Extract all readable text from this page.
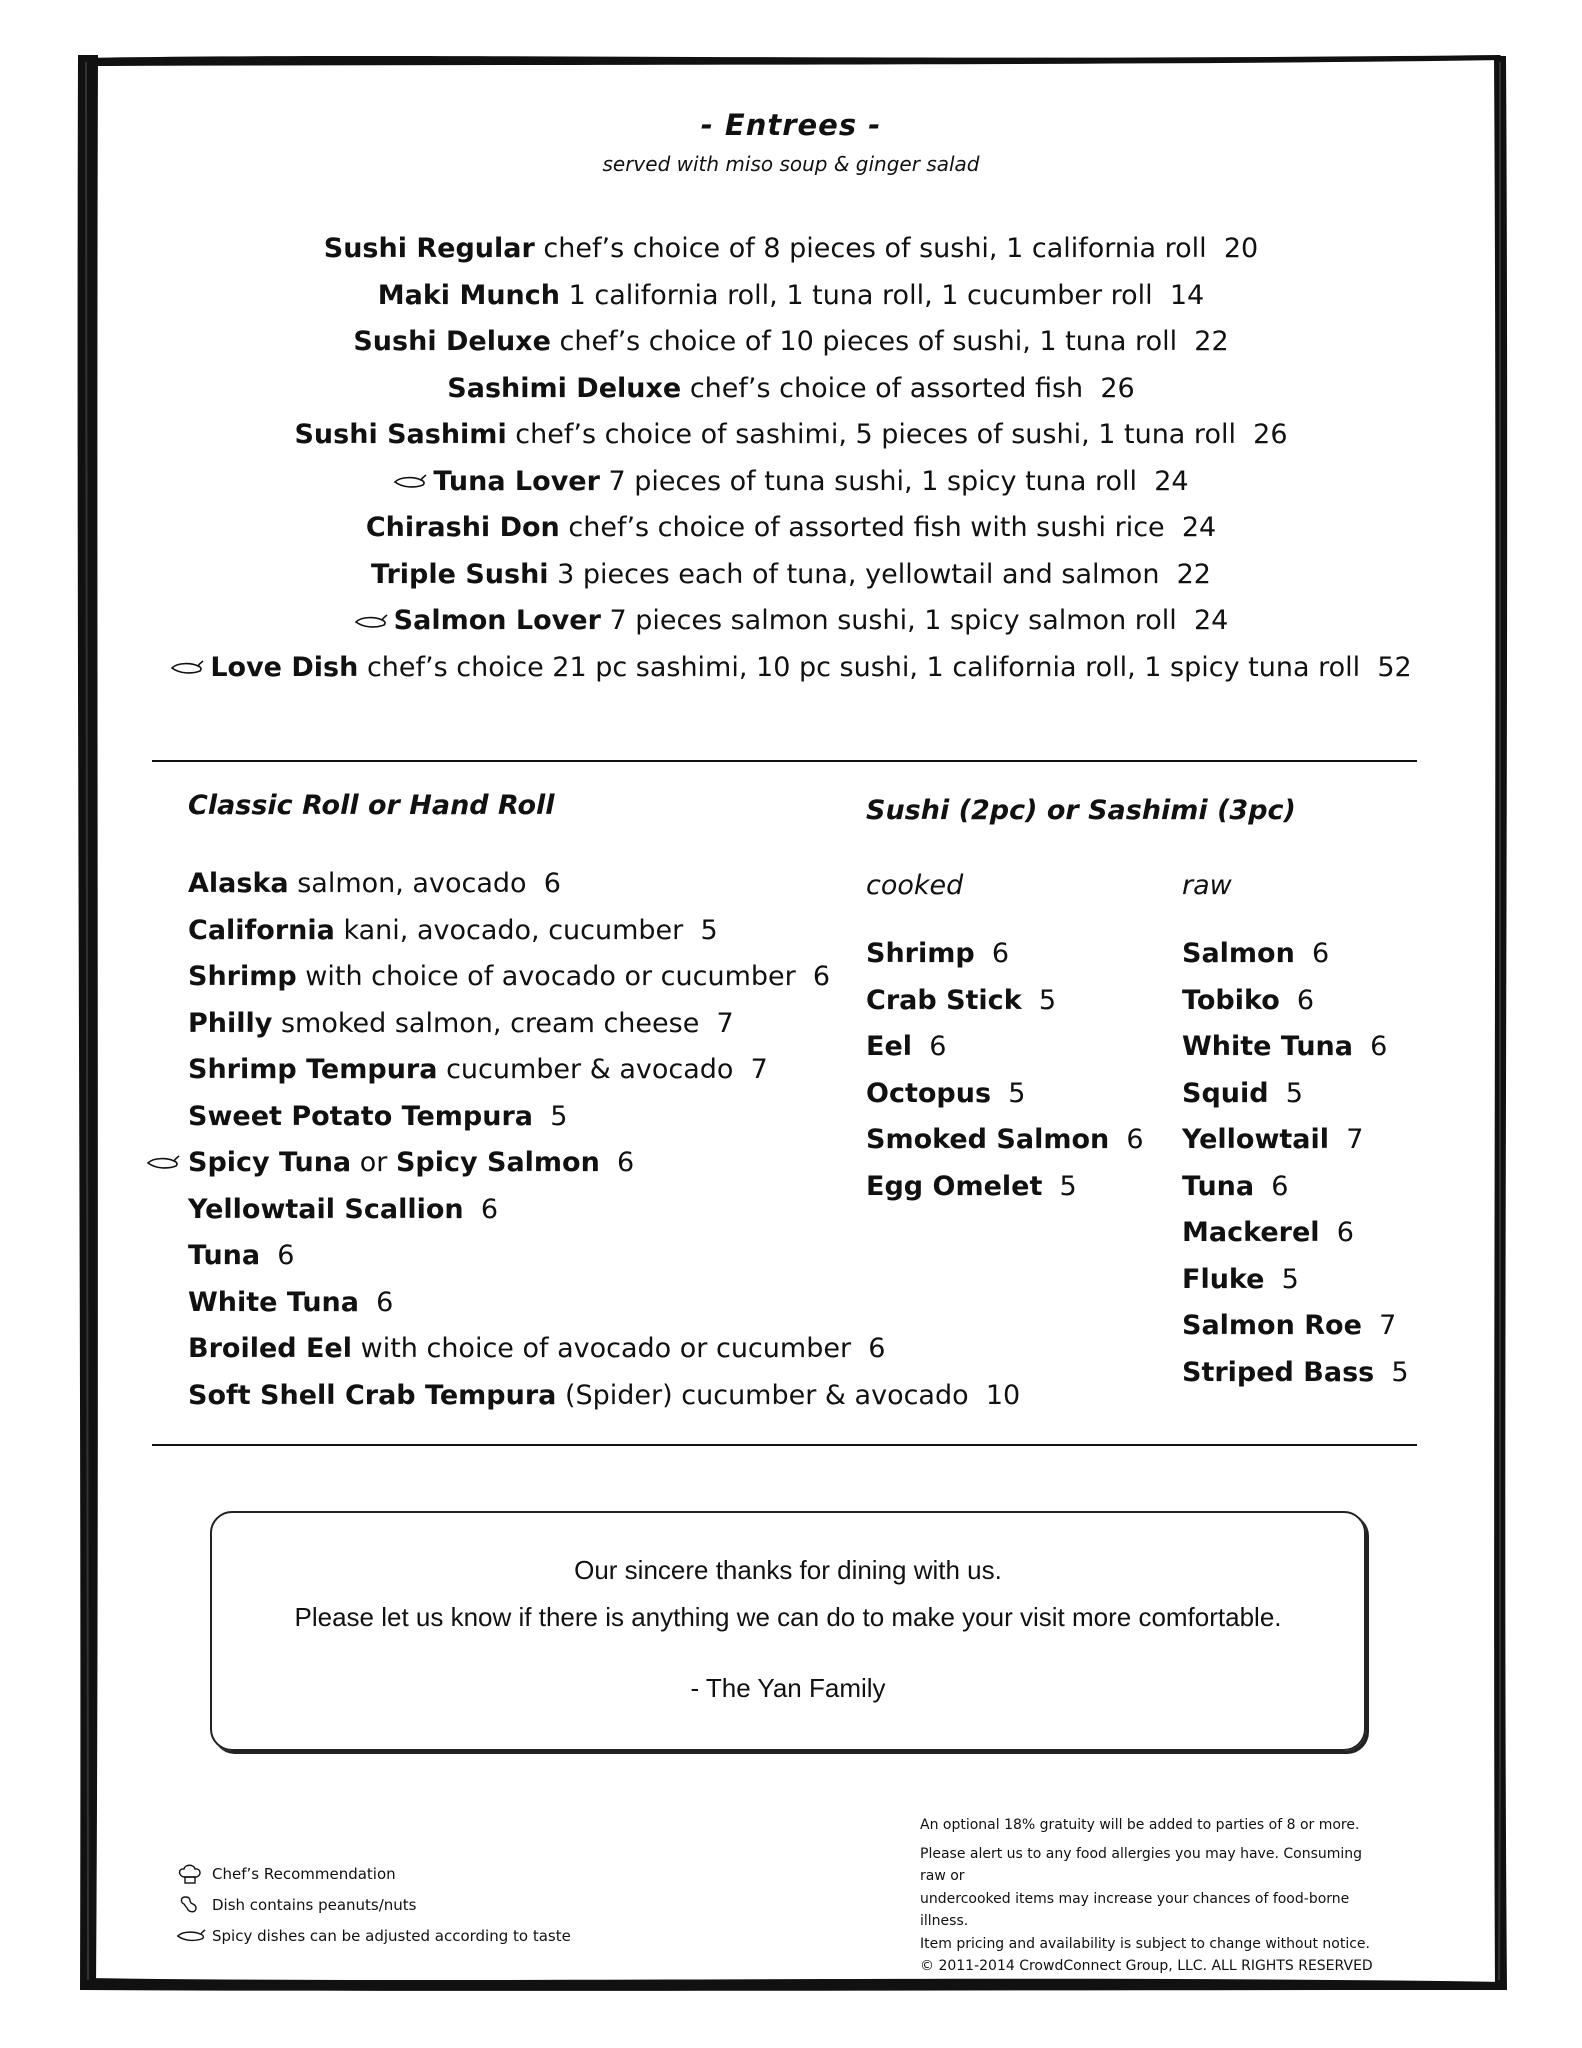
- Entrees -
served with miso soup & ginger salad
Sushi Regular chef’s choice of 8 pieces of sushi, 1 california roll 20
Maki Munch 1 california roll, 1 tuna roll, 1 cucumber roll 14
Sushi Deluxe chef’s choice of 10 pieces of sushi, 1 tuna roll 22
Sashimi Deluxe chef’s choice of assorted fish 26
Sushi Sashimi chef’s choice of sashimi, 5 pieces of sushi, 1 tuna roll 26
Tuna Lover 7 pieces of tuna sushi, 1 spicy tuna roll 24
Chirashi Don chef’s choice of assorted fish with sushi rice 24
Triple Sushi 3 pieces each of tuna, yellowtail and salmon 22
Salmon Lover 7 pieces salmon sushi, 1 spicy salmon roll 24
Love Dish chef’s choice 21 pc sashimi, 10 pc sushi, 1 california roll, 1 spicy tuna roll 52
Classic Roll or Hand Roll
Alaska salmon, avocado 6
California kani, avocado, cucumber 5
Shrimp with choice of avocado or cucumber 6
Philly smoked salmon, cream cheese 7
Shrimp Tempura cucumber & avocado 7
Sweet Potato Tempura 5
Spicy Tuna or Spicy Salmon 6
Yellowtail Scallion 6
Tuna 6
White Tuna 6
Broiled Eel with choice of avocado or cucumber 6
Soft Shell Crab Tempura (Spider) cucumber & avocado 10
Sushi (2pc) or Sashimi (3pc)
cooked	raw
Shrimp 6
Crab Stick 5
Eel 6
Octopus 5
Smoked Salmon 6
Egg Omelet 5
Salmon 6
Tobiko 6
White Tuna 6
Squid 5
Yellowtail 7
Tuna 6
Mackerel 6
Fluke 5
Salmon Roe 7
Striped Bass 5
Our sincere thanks for dining with us.
Please let us know if there is anything we can do to make your visit more comfortable.
- The Yan Family
Chef’s Recommendation
Dish contains peanuts/nuts
Spicy dishes can be adjusted according to taste

An optional 18% gratuity will be added to parties of 8 or more.

Please alert us to any food allergies you may have. Consuming raw or
undercooked items may increase your chances of food-borne illness.
Item pricing and availability is subject to change without notice.
© 2011-2014 CrowdConnect Group, LLC. ALL RIGHTS RESERVED
